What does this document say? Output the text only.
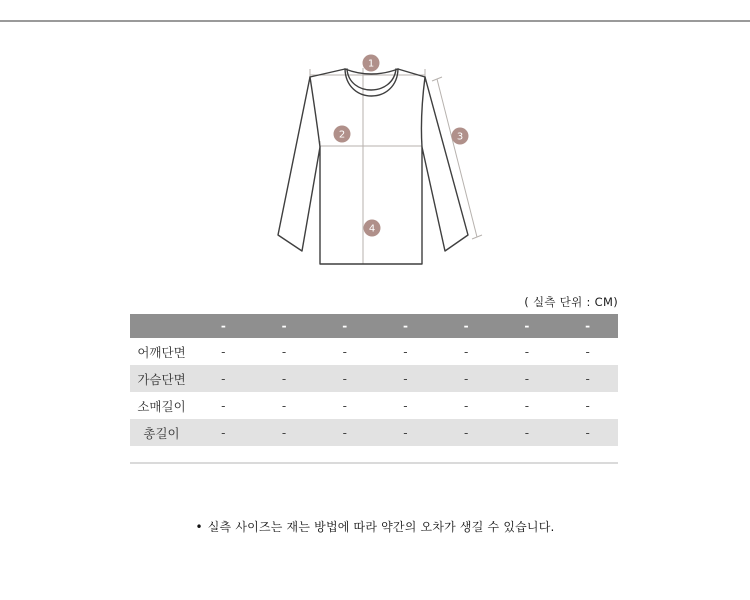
1
2	3
4
( 실측 단위 : CM)
	-	-	-	-	-	-	-
어깨단면	-	-	-	-	-	-	-
가슴단면	-	-	-	-	-	-	-
소매길이	-	-	-	-	-	-	-
총길이	-	-	-	-	-	-	-
• 실측 사이즈는 재는 방법에 따라 약간의 오차가 생길 수 있습니다.
